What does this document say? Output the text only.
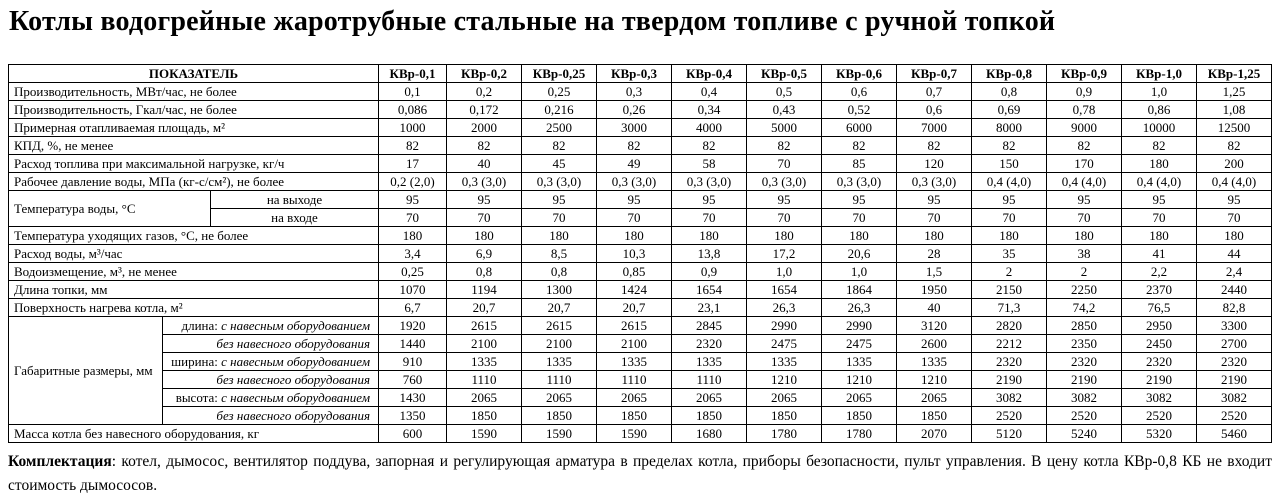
Котлы водогрейные жаротрубные стальные на твердом топливе с ручной топкой
ПОКАЗАТЕЛЬ			КВр-0,1	КВр-0,2	КВр-0,25	КВр-0,3	КВр-0,4	КВр-0,5	КВр-0,6	КВр-0,7	КВр-0,8	КВр-0,9	КВр-1,0	КВр-1,25
Производительность, МВт/час, не более			0,1	0,2	0,25	0,3	0,4	0,5	0,6	0,7	0,8	0,9	1,0	1,25
Производительность, Гкал/час, не более			0,086	0,172	0,216	0,26	0,34	0,43	0,52	0,6	0,69	0,78	0,86	1,08
Примерная отапливаемая площадь, м²			1000	2000	2500	3000	4000	5000	6000	7000	8000	9000	10000	12500
КПД, %, не менее			82	82	82	82	82	82	82	82	82	82	82	82
Расход топлива при максимальной нагрузке, кг/ч			17	40	45	49	58	70	85	120	150	170	180	200
Рабочее давление воды, МПа (кг-с/см²), не более			0,2 (2,0)	0,3 (3,0)	0,3 (3,0)	0,3 (3,0)	0,3 (3,0)	0,3 (3,0)	0,3 (3,0)	0,3 (3,0)	0,4 (4,0)	0,4 (4,0)	0,4 (4,0)	0,4 (4,0)
Температура воды, °С		на выходе	95	95	95	95	95	95	95	95	95	95	95	95
		на входе	70	70	70	70	70	70	70	70	70	70	70	70
Температура уходящих газов, °С, не более			180	180	180	180	180	180	180	180	180	180	180	180
Расход воды, м³/час			3,4	6,9	8,5	10,3	13,8	17,2	20,6	28	35	38	41	44
Водоизмещение, м³, не менее			0,25	0,8	0,8	0,85	0,9	1,0	1,0	1,5	2	2	2,2	2,4
Длина топки, мм			1070	1194	1300	1424	1654	1654	1864	1950	2150	2250	2370	2440
Поверхность нагрева котла, м²			6,7	20,7	20,7	20,7	23,1	26,3	26,3	40	71,3	74,2	76,5	82,8
Габаритные размеры, мм	длина: с навесным оборудованием		1920	2615	2615	2615	2845	2990	2990	3120	2820	2850	2950	3300
	без навесного оборудования		1440	2100	2100	2100	2320	2475	2475	2600	2212	2350	2450	2700
	ширина: с навесным оборудованием		910	1335	1335	1335	1335	1335	1335	1335	2320	2320	2320	2320
	без навесного оборудования		760	1110	1110	1110	1110	1210	1210	1210	2190	2190	2190	2190
	высота: с навесным оборудованием		1430	2065	2065	2065	2065	2065	2065	2065	3082	3082	3082	3082
	без навесного оборудования		1350	1850	1850	1850	1850	1850	1850	1850	2520	2520	2520	2520
Масса котла без навесного оборудования, кг			600	1590	1590	1590	1680	1780	1780	2070	5120	5240	5320	5460

Комплектация: котел, дымосос, вентилятор поддува, запорная и регулирующая арматура в пределах котла, приборы безопасности, пульт управления. В цену котла КВр-0,8 КБ не входит стоимость дымососов.
